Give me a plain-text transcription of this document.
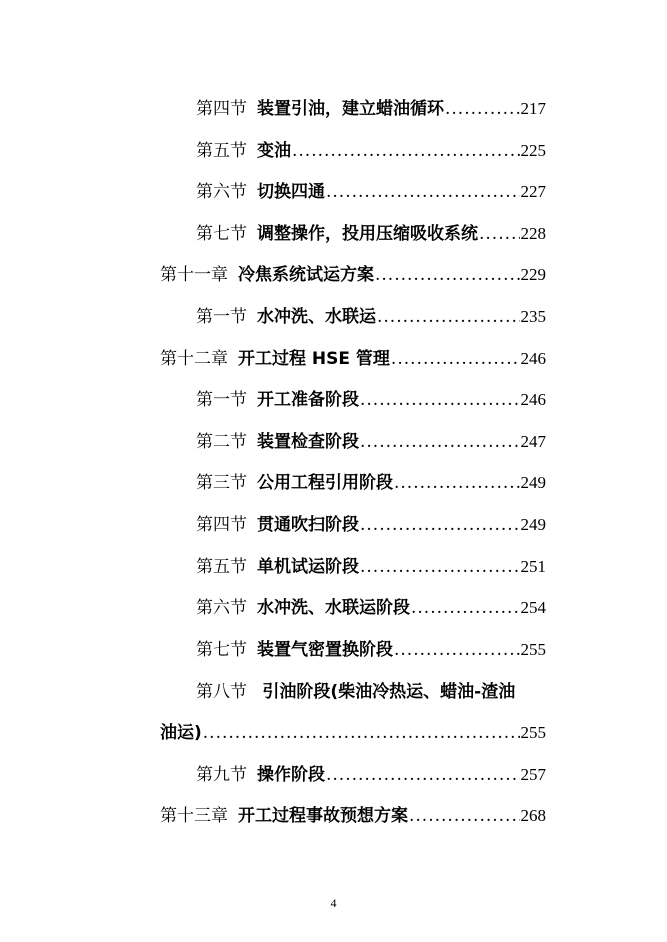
第四节 装置引油，建立蜡油循环 .....	217
第五节 变油 .....	225
第六节 切换四通 .....	227
第七节 调整操作，投用压缩吸收系统 .....	228
第十一章 冷焦系统试运方案 .....	229
第一节 水冲洗、水联运 .....	235
第十二章 开工过程 HSE 管理 .....	246
第一节 开工准备阶段 .....	246
第二节 装置检查阶段 .....	247
第三节 公用工程引用阶段 .....	249
第四节 贯通吹扫阶段 .....	249
第五节 单机试运阶段 .....	251
第六节 水冲洗、水联运阶段 .....	254
第七节 装置气密置换阶段 .....	255
第八节 引油阶段(柴油冷热运、蜡油-渣油
油运) .....	255
第九节 操作阶段 .....	257
第十三章 开工过程事故预想方案 .....	268
4
